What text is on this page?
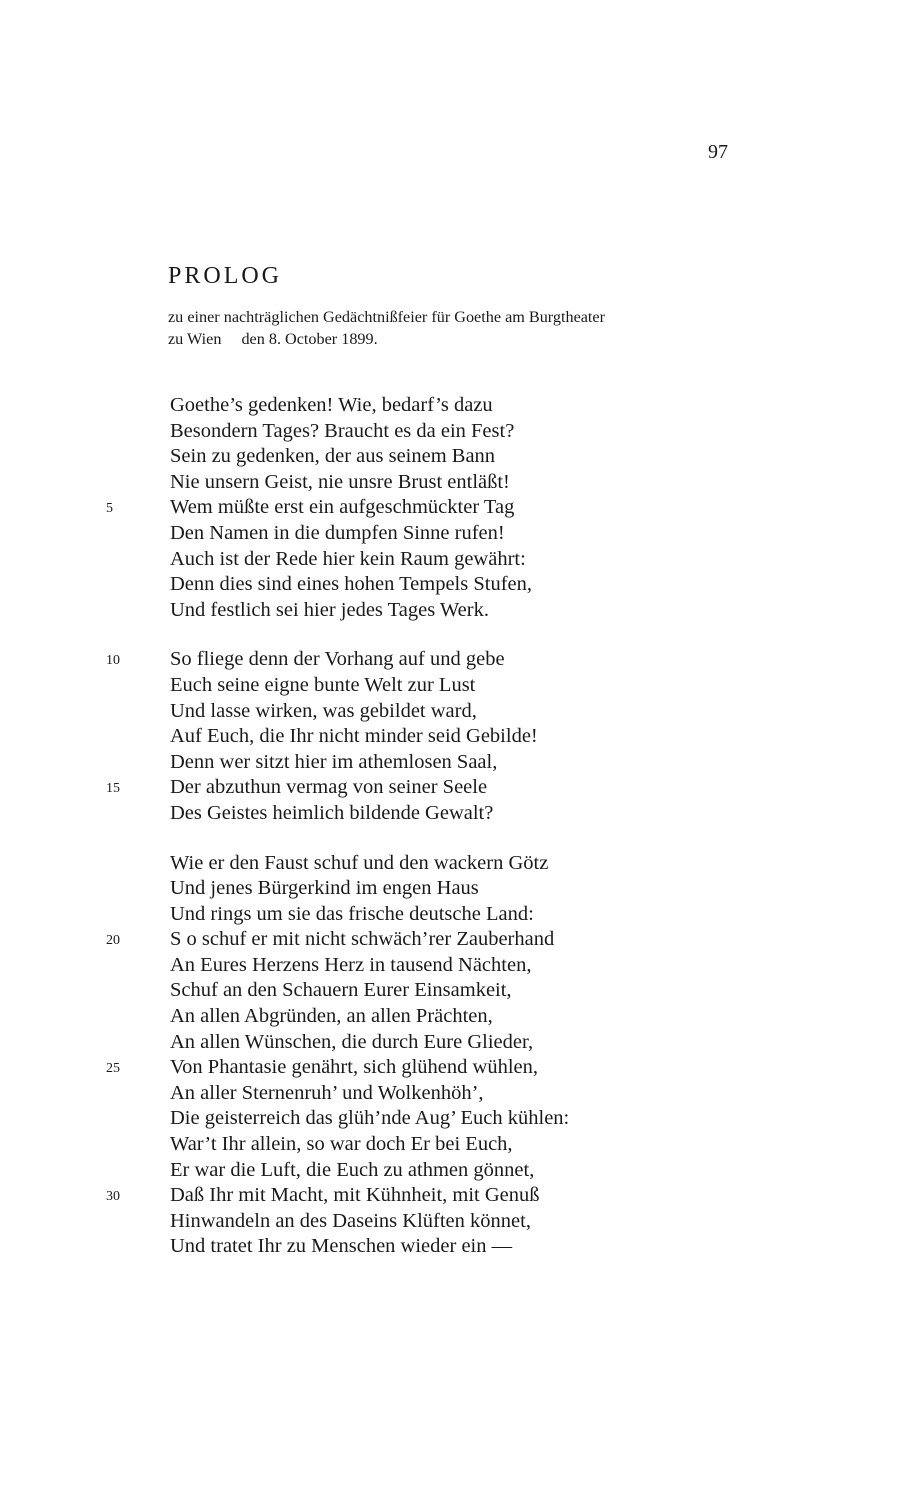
97
PROLOG
zu einer nachträglichen Gedächtnißfeier für Goethe am Burgtheater
zu Wien den 8. October 1899.
Goethe’s gedenken! Wie, bedarf’s dazu
Besondern Tages? Braucht es da ein Fest?
Sein zu gedenken, der aus seinem Bann
Nie unsern Geist, nie unsre Brust entläßt!
5	Wem müßte erst ein aufgeschmückter Tag
Den Namen in die dumpfen Sinne rufen!
Auch ist der Rede hier kein Raum gewährt:
Denn dies sind eines hohen Tempels Stufen,
Und festlich sei hier jedes Tages Werk.
10 So fliege denn der Vorhang auf und gebe
Euch seine eigne bunte Welt zur Lust
Und lasse wirken, was gebildet ward,
Auf Euch, die Ihr nicht minder seid Gebilde!
Denn wer sitzt hier im athemlosen Saal,
15 Der abzuthun vermag von seiner Seele
Des Geistes heimlich bildende Gewalt?
Wie er den Faust schuf und den wackern Götz
Und jenes Bürgerkind im engen Haus
Und rings um sie das frische deutsche Land:
20 S o schuf er mit nicht schwäch’rer Zauberhand
An Eures Herzens Herz in tausend Nächten,
Schuf an den Schauern Eurer Einsamkeit,
An allen Abgründen, an allen Prächten,
An allen Wünschen, die durch Eure Glieder,
25 Von Phantasie genährt, sich glühend wühlen,
An aller Sternenruh’ und Wolkenhöh’,
Die geisterreich das glüh’nde Aug’ Euch kühlen:
War’t Ihr allein, so war doch Er bei Euch,
Er war die Luft, die Euch zu athmen gönnet,
30 Daß Ihr mit Macht, mit Kühnheit, mit Genuß
Hinwandeln an des Daseins Klüften könnet,
Und tratet Ihr zu Menschen wieder ein —
